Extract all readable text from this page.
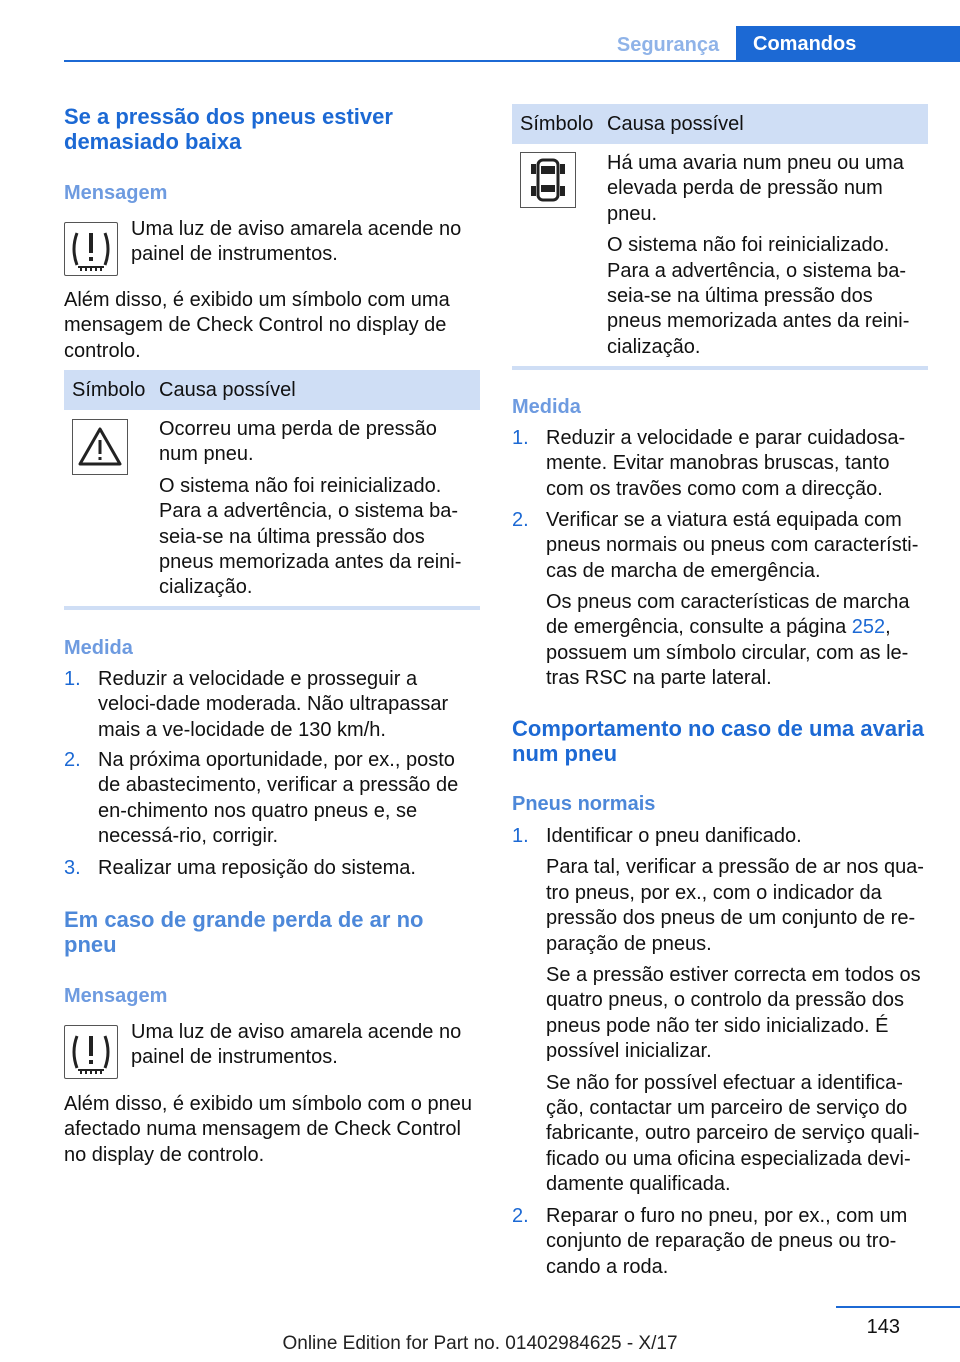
Segurança	Comandos

Se a pressão dos pneus estiver demasiado baixa

Mensagem

Uma luz de aviso amarela acende no painel de instrumentos.

Além disso, é exibido um símbolo com uma mensagem de Check Control no display de controlo.

Símbolo Causa possível

Ocorreu uma perda de pressão num pneu.

O sistema não foi reinicializado. Para a advertência, o sistema ba-seia-se na última pressão dos pneus memorizada antes da reini-cialização.

Medida

1. Reduzir a velocidade e prosseguir a veloci-dade moderada. Não ultrapassar mais a ve-locidade de 130 km/h.

2. Na próxima oportunidade, por ex., posto de abastecimento, verificar a pressão de en-chimento nos quatro pneus e, se necessá-rio, corrigir.

3. Realizar uma reposição do sistema.

Em caso de grande perda de ar no pneu

Mensagem

Uma luz de aviso amarela acende no painel de instrumentos.

Além disso, é exibido um símbolo com o pneu afectado numa mensagem de Check Control no display de controlo.

Símbolo Causa possível

Há uma avaria num pneu ou uma elevada perda de pressão num pneu.

O sistema não foi reinicializado. Para a advertência, o sistema ba-seia-se na última pressão dos pneus memorizada antes da reini-cialização.

Medida

1. Reduzir a velocidade e parar cuidadosa-mente. Evitar manobras bruscas, tanto com os travões como com a direcção.

2. Verificar se a viatura está equipada com pneus normais ou pneus com característi-cas de marcha de emergência.

Os pneus com características de marcha de emergência, consulte a página 252, possuem um símbolo circular, com as le-tras RSC na parte lateral.

Comportamento no caso de uma avaria num pneu

Pneus normais

1. Identificar o pneu danificado.

Para tal, verificar a pressão de ar nos qua-tro pneus, por ex., com o indicador da pressão dos pneus de um conjunto de re-paração de pneus.

Se a pressão estiver correcta em todos os quatro pneus, o controlo da pressão dos pneus pode não ter sido inicializado. É possível inicializar.

Se não for possível efectuar a identifica-ção, contactar um parceiro de serviço do fabricante, outro parceiro de serviço quali-ficado ou uma oficina especializada devi-damente qualificada.

2. Reparar o furo no pneu, por ex., com um conjunto de reparação de pneus ou tro-cando a roda.

143
Online Edition for Part no. 01402984625 - X/17
